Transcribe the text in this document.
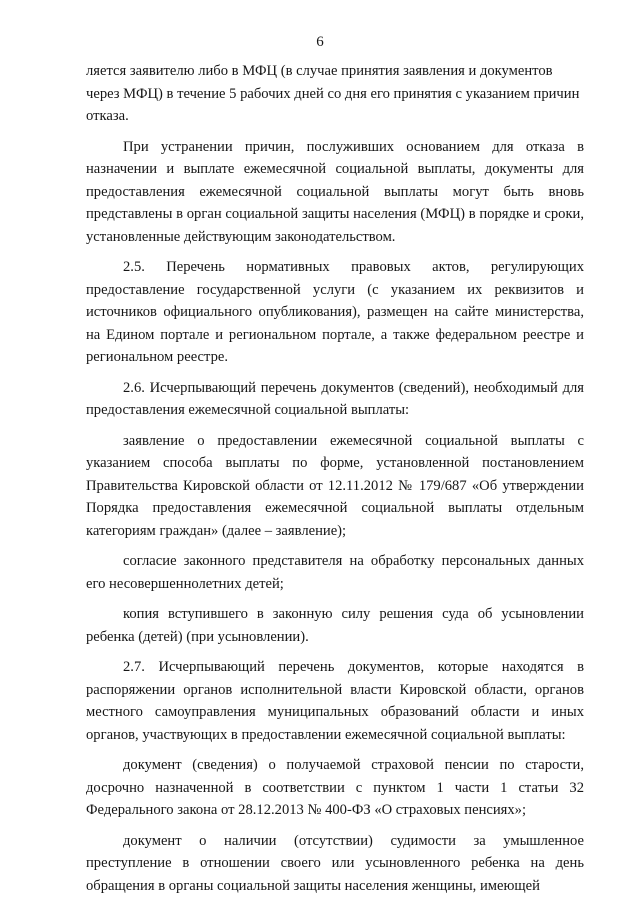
6

ляется заявителю либо в МФЦ (в случае принятия заявления и документов через МФЦ) в течение 5 рабочих дней со дня его принятия с указанием причин отказа.

При устранении причин, послуживших основанием для отказа в назначении и выплате ежемесячной социальной выплаты, документы для предоставления ежемесячной социальной выплаты могут быть вновь представлены в орган социальной защиты населения (МФЦ) в порядке и сроки, установленные действующим законодательством.

2.5. Перечень нормативных правовых актов, регулирующих предоставление государственной услуги (с указанием их реквизитов и источников официального опубликования), размещен на сайте министерства, на Едином портале и региональном портале, а также федеральном реестре и региональном реестре.

2.6. Исчерпывающий перечень документов (сведений), необходимый для предоставления ежемесячной социальной выплаты:

заявление о предоставлении ежемесячной социальной выплаты с указанием способа выплаты по форме, установленной постановлением Правительства Кировской области от 12.11.2012 № 179/687 «Об утверждении Порядка предоставления ежемесячной социальной выплаты отдельным категориям граждан» (далее – заявление);

согласие законного представителя на обработку персональных данных его несовершеннолетних детей;

копия вступившего в законную силу решения суда об усыновлении ребенка (детей) (при усыновлении).

2.7. Исчерпывающий перечень документов, которые находятся в распоряжении органов исполнительной власти Кировской области, органов местного самоуправления муниципальных образований области и иных органов, участвующих в предоставлении ежемесячной социальной выплаты:

документ (сведения) о получаемой страховой пенсии по старости, досрочно назначенной в соответствии с пунктом 1 части 1 статьи 32 Федерального закона от 28.12.2013 № 400-ФЗ «О страховых пенсиях»;

документ о наличии (отсутствии) судимости за умышленное преступление в отношении своего или усыновленного ребенка на день обращения в органы социальной защиты населения женщины, имеющей
